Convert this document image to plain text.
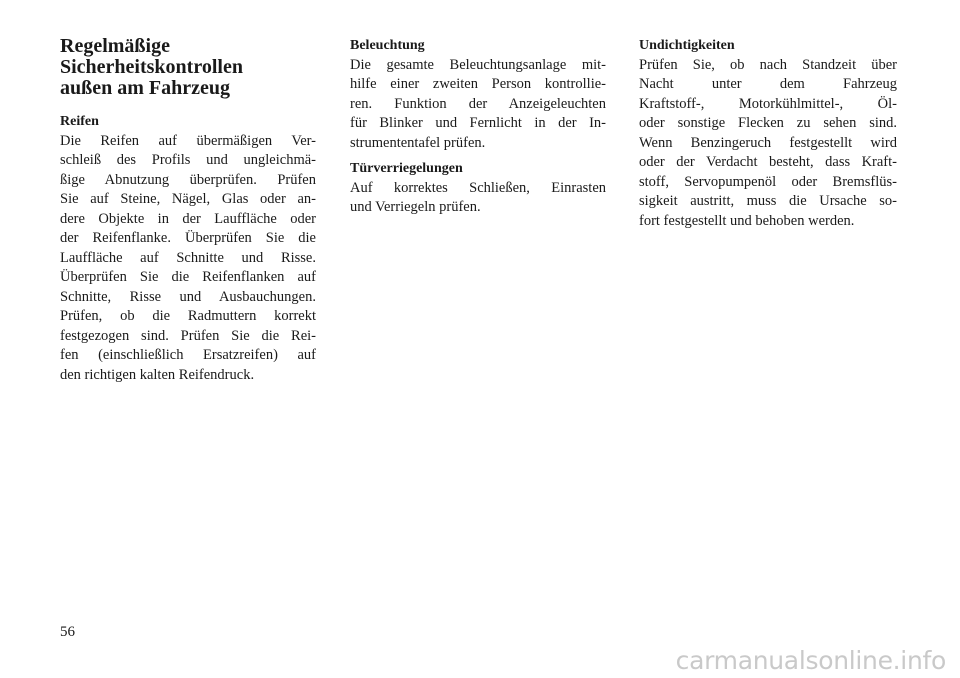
Regelmäßige
Sicherheitskontrollen
außen am Fahrzeug
Reifen

Die Reifen auf übermäßigen Ver-
schleiß des Profils und ungleichmä-
ßige Abnutzung überprüfen. Prüfen
Sie auf Steine, Nägel, Glas oder an-
dere Objekte in der Lauffläche oder
der Reifenflanke. Überprüfen Sie die
Lauffläche auf Schnitte und Risse.
Überprüfen Sie die Reifenflanken auf
Schnitte, Risse und Ausbauchungen.
Prüfen, ob die Radmuttern korrekt
festgezogen sind. Prüfen Sie die Rei-
fen (einschließlich Ersatzreifen) auf
den richtigen kalten Reifendruck.

Beleuchtung

Die gesamte Beleuchtungsanlage mit-
hilfe einer zweiten Person kontrollie-
ren. Funktion der Anzeigeleuchten
für Blinker und Fernlicht in der In-
strumententafel prüfen.

Türverriegelungen

Auf korrektes Schließen, Einrasten
und Verriegeln prüfen.

Undichtigkeiten

Prüfen Sie, ob nach Standzeit über
Nacht unter dem Fahrzeug
Kraftstoff-, Motorkühlmittel-, Öl-
oder sonstige Flecken zu sehen sind.
Wenn Benzingeruch festgestellt wird
oder der Verdacht besteht, dass Kraft-
stoff, Servopumpenöl oder Bremsflüs-
sigkeit austritt, muss die Ursache so-
fort festgestellt und behoben werden.

56
carmanualsonline.info
